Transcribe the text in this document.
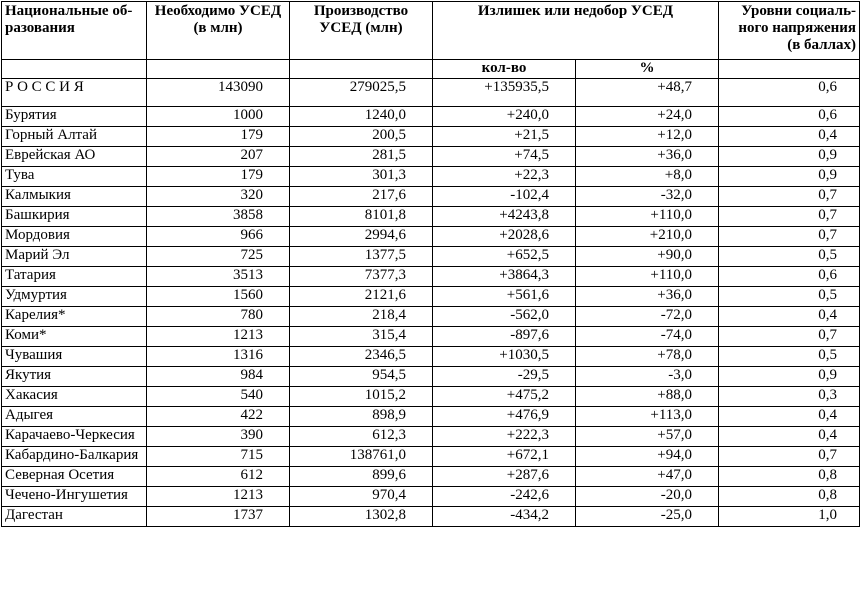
Национальные об-разования	Необходимо УСЕД (в млн)	Производство УСЕД (млн)	Излишек или недобор УСЕД		Уровни социаль-ного напряжения (в баллах)
			кол-во	%	
Р О С С И Я	143090	279025,5	+135935,5	+48,7	0,6
Бурятия	1000	1240,0	+240,0	+24,0	0,6
Горный Алтай	179	200,5	+21,5	+12,0	0,4
Еврейская АО	207	281,5	+74,5	+36,0	0,9
Тува	179	301,3	+22,3	+8,0	0,9
Калмыкия	320	217,6	-102,4	-32,0	0,7
Башкирия	3858	8101,8	+4243,8	+110,0	0,7
Мордовия	966	2994,6	+2028,6	+210,0	0,7
Марий Эл	725	1377,5	+652,5	+90,0	0,5
Татария	3513	7377,3	+3864,3	+110,0	0,6
Удмуртия	1560	2121,6	+561,6	+36,0	0,5
Карелия*	780	218,4	-562,0	-72,0	0,4
Коми*	1213	315,4	-897,6	-74,0	0,7
Чувашия	1316	2346,5	+1030,5	+78,0	0,5
Якутия	984	954,5	-29,5	-3,0	0,9
Хакасия	540	1015,2	+475,2	+88,0	0,3
Адыгея	422	898,9	+476,9	+113,0	0,4
Карачаево-Черкесия	390	612,3	+222,3	+57,0	0,4
Кабардино-Балкария	715	138761,0	+672,1	+94,0	0,7
Северная Осетия	612	899,6	+287,6	+47,0	0,8
Чечено-Ингушетия	1213	970,4	-242,6	-20,0	0,8
Дагестан	1737	1302,8	-434,2	-25,0	1,0
